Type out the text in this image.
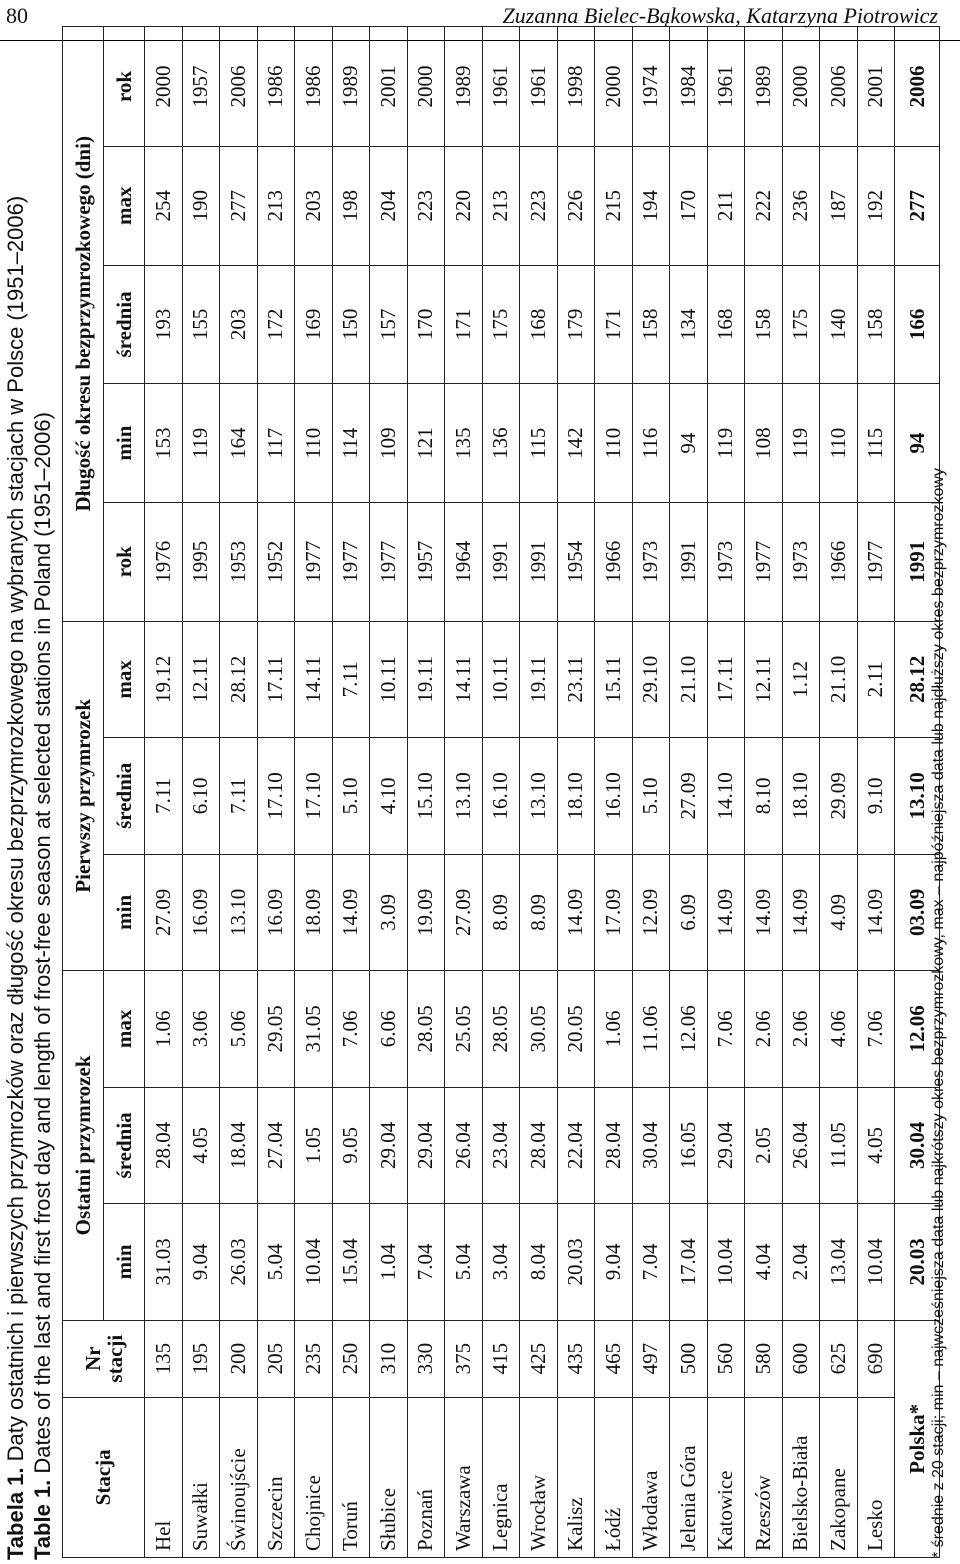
80	Zuzanna Bielec-Bąkowska, Katarzyna Piotrowicz
Tabela 1. Daty ostatnich i pierwszych przymrozków oraz długość okresu bezprzymrozkowego na wybranych stacjach w Polsce (1951–2006)
Table 1. Dates of the last and first frost day and length of frost-free season at selected stations in Poland (1951–2006) Stacja	Nr stacji	Ostatni przymrozek			Pierwszy przymrozek			Długość okresu bezprzymrozkowego (dni)				
		min	średnia	max	min	średnia	max	rok	min	średnia	max	rok
Hel	135	31.03	28.04	1.06	27.09	7.11	19.12	1976	153	193	254	2000
Suwałki	195	9.04	4.05	3.06	16.09	6.10	12.11	1995	119	155	190	1957
Świnoujście	200	26.03	18.04	5.06	13.10	7.11	28.12	1953	164	203	277	2006
Szczecin	205	5.04	27.04	29.05	16.09	17.10	17.11	1952	117	172	213	1986
Chojnice	235	10.04	1.05	31.05	18.09	17.10	14.11	1977	110	169	203	1986
Toruń	250	15.04	9.05	7.06	14.09	5.10	7.11	1977	114	150	198	1989
Słubice	310	1.04	29.04	6.06	3.09	4.10	10.11	1977	109	157	204	2001
Poznań	330	7.04	29.04	28.05	19.09	15.10	19.11	1957	121	170	223	2000
Warszawa	375	5.04	26.04	25.05	27.09	13.10	14.11	1964	135	171	220	1989
Legnica	415	3.04	23.04	28.05	8.09	16.10	10.11	1991	136	175	213	1961
Wrocław	425	8.04	28.04	30.05	8.09	13.10	19.11	1991	115	168	223	1961
Kalisz	435	20.03	22.04	20.05	14.09	18.10	23.11	1954	142	179	226	1998
Łódź	465	9.04	28.04	1.06	17.09	16.10	15.11	1966	110	171	215	2000
Włodawa	497	7.04	30.04	11.06	12.09	5.10	29.10	1973	116	158	194	1974
Jelenia Góra	500	17.04	16.05	12.06	6.09	27.09	21.10	1991	94	134	170	1984
Katowice	560	10.04	29.04	7.06	14.09	14.10	17.11	1973	119	168	211	1961
Rzeszów	580	4.04	2.05	2.06	14.09	8.10	12.11	1977	108	158	222	1989
Bielsko-Biała	600	2.04	26.04	2.06	14.09	18.10	1.12	1973	119	175	236	2000
Zakopane	625	13.04	11.05	4.06	4.09	29.09	21.10	1966	110	140	187	2006
Lesko	690	10.04	4.05	7.06	14.09	9.10	2.11	1977	115	158	192	2001
Polska*		20.03	30.04	12.06	03.09	13.10	28.12	1991	94	166	277	2006
* średnie z 20 stacji; min – najwcześniejsza data lub najkrótszy okres bezprzymrozkowy, max – najpóźniejsza data lub najdłuższy okres bezprzymrozkowy
